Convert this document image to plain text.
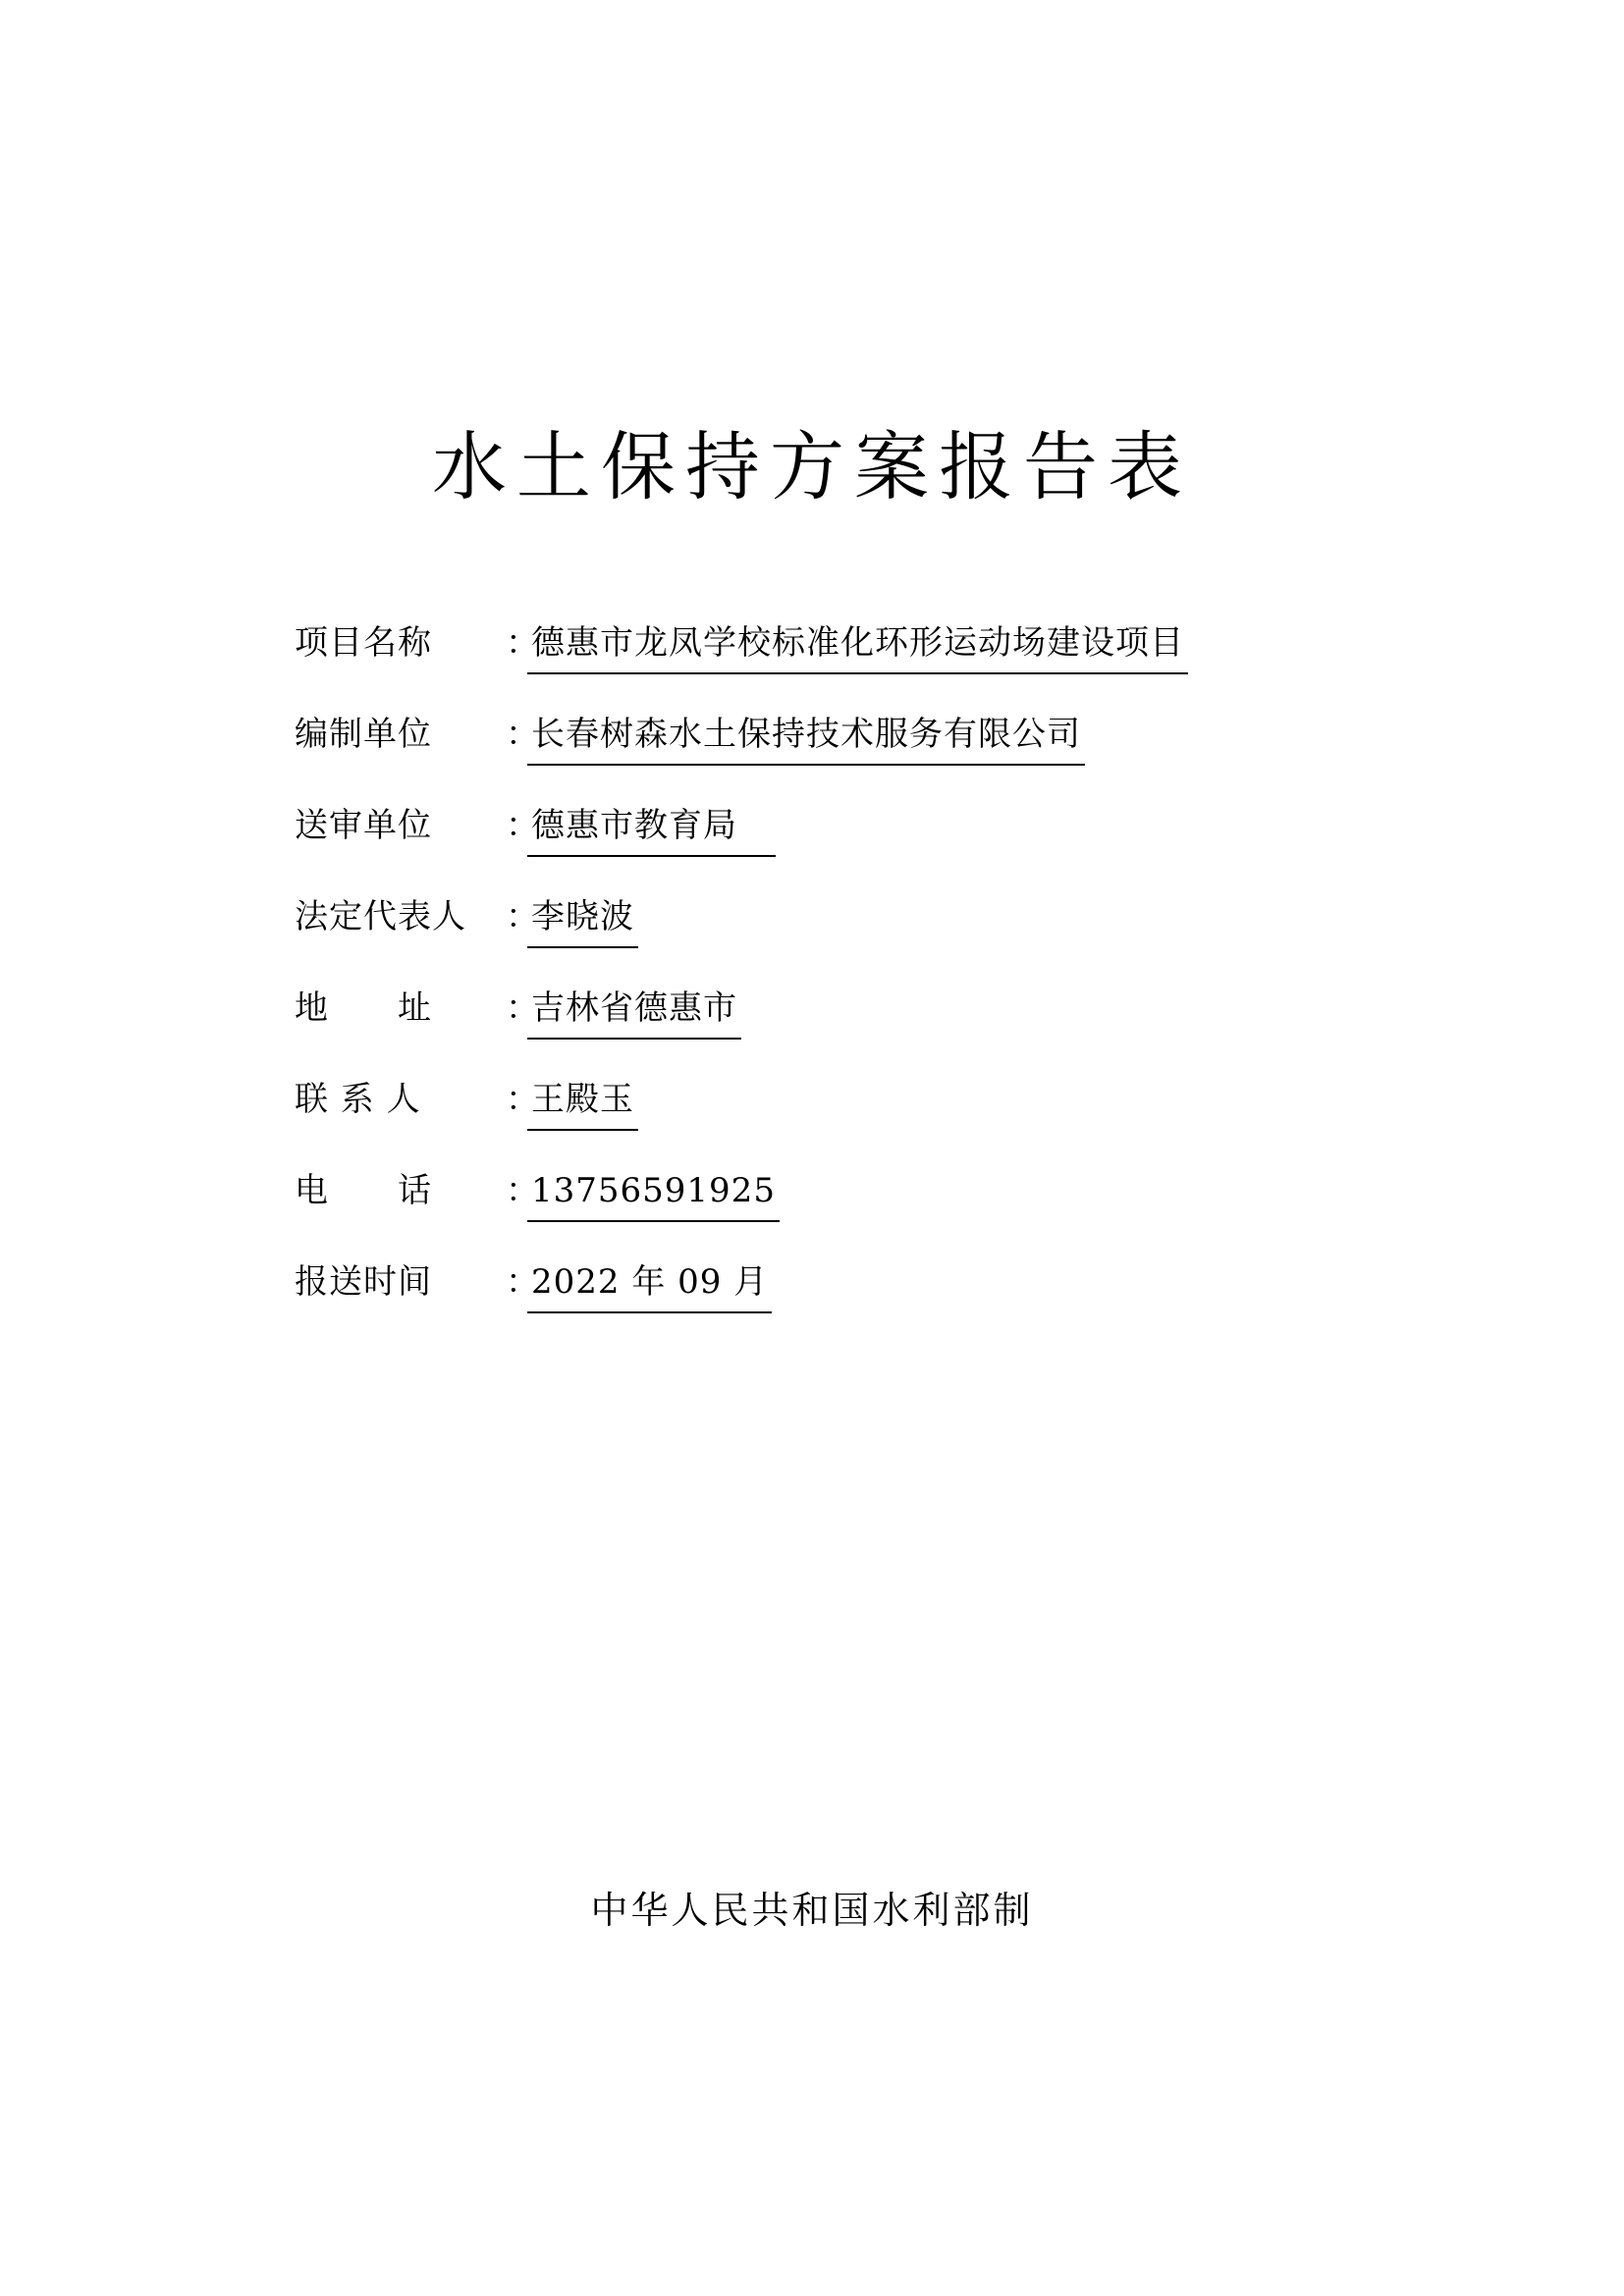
水土保持方案报告表
项目名称	：
德惠市龙凤学校标准化环形运动场建设项目
编制单位	：
长春树森水土保持技术服务有限公司
送审单位	：
德惠市教育局　
法定代表人	：
李晓波
地　　址	：
吉林省德惠市
联 系 人	：
王殿玉
电　　话	：
13756591925
报送时间	：
2022 年 09 月
中华人民共和国水利部制
